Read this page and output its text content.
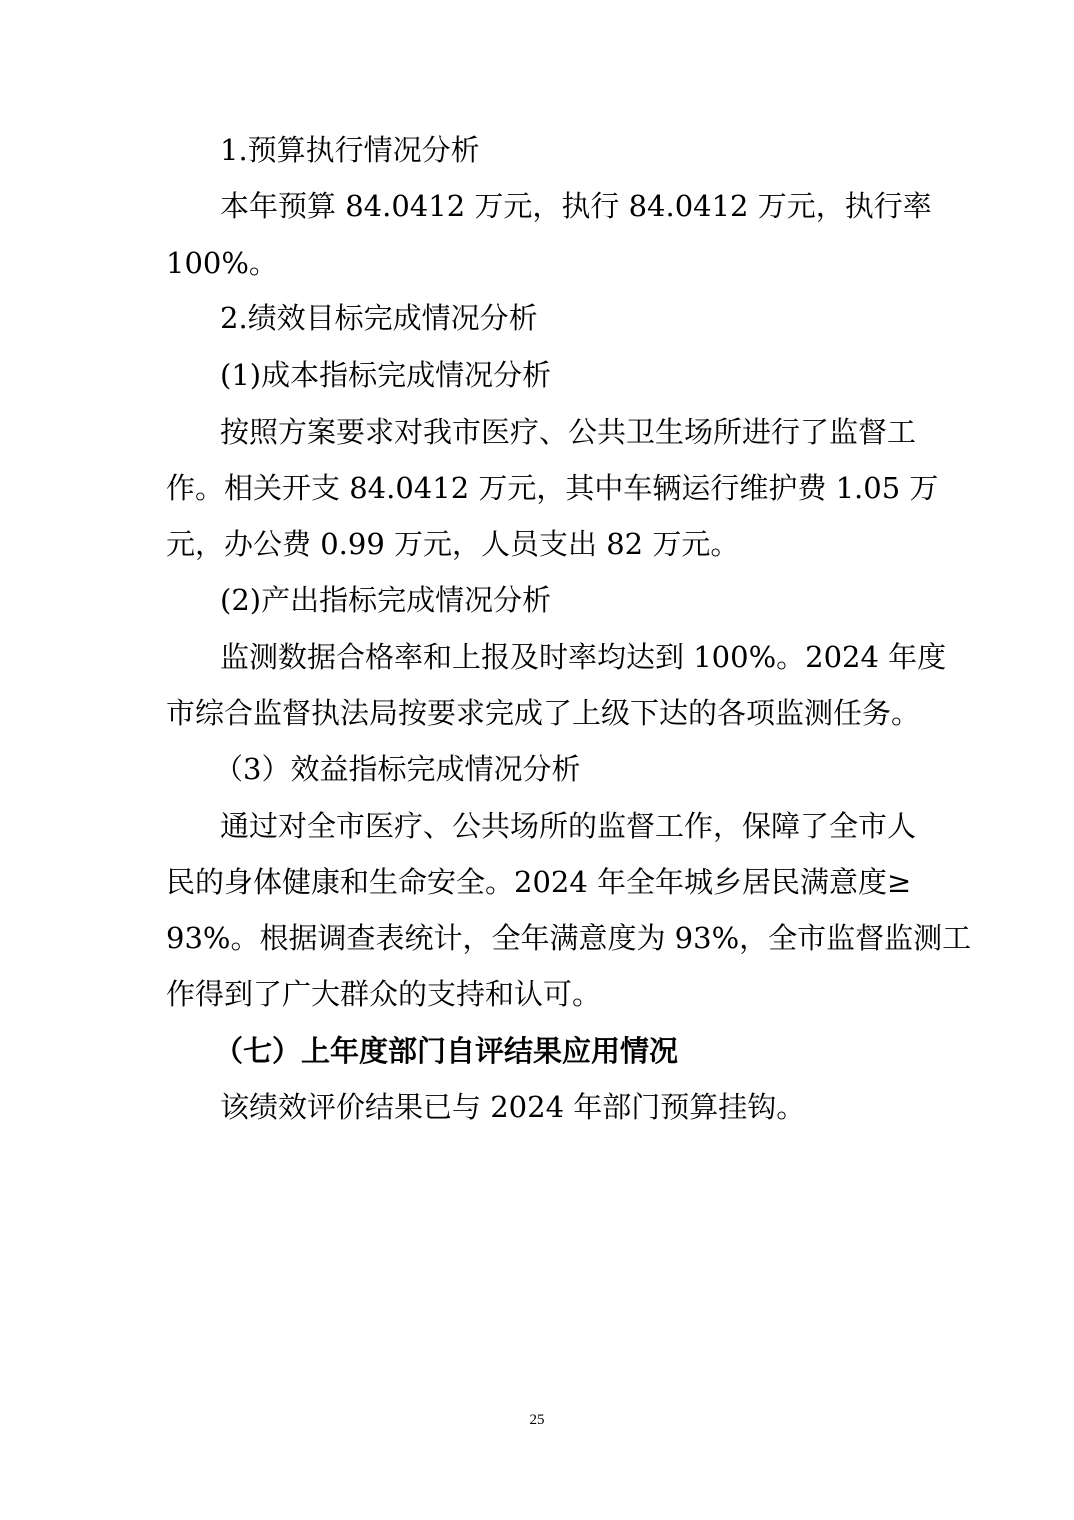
1.预算执行情况分析
本年预算 84.0412 万元，执行 84.0412 万元，执行率
100%。
2.绩效目标完成情况分析
(1)成本指标完成情况分析
按照方案要求对我市医疗、公共卫生场所进行了监督工
作。相关开支 84.0412 万元，其中车辆运行维护费 1.05 万
元，办公费 0.99 万元，人员支出 82 万元。
(2)产出指标完成情况分析
监测数据合格率和上报及时率均达到 100%。2024 年度
市综合监督执法局按要求完成了上级下达的各项监测任务。
（3）效益指标完成情况分析
通过对全市医疗、公共场所的监督工作，保障了全市人
民的身体健康和生命安全。2024 年全年城乡居民满意度≥
93%。根据调查表统计，全年满意度为 93%，全市监督监测工
作得到了广大群众的支持和认可。
（七）上年度部门自评结果应用情况
该绩效评价结果已与 2024 年部门预算挂钩。
25
